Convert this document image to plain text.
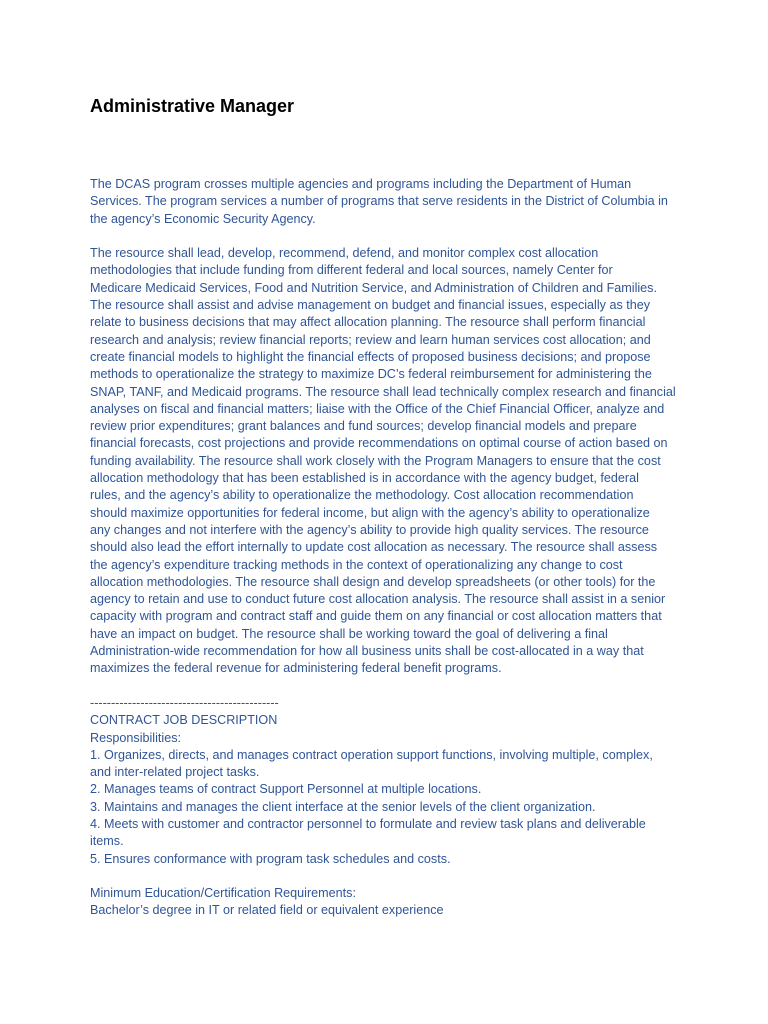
Administrative Manager
The DCAS program crosses multiple agencies and programs including the Department of Human
Services. The program services a number of programs that serve residents in the District of Columbia in
the agency’s Economic Security Agency.
The resource shall lead, develop, recommend, defend, and monitor complex cost allocation
methodologies that include funding from different federal and local sources, namely Center for
Medicare Medicaid Services, Food and Nutrition Service, and Administration of Children and Families.
The resource shall assist and advise management on budget and financial issues, especially as they
relate to business decisions that may affect allocation planning. The resource shall perform financial
research and analysis; review financial reports; review and learn human services cost allocation; and
create financial models to highlight the financial effects of proposed business decisions; and propose
methods to operationalize the strategy to maximize DC’s federal reimbursement for administering the
SNAP, TANF, and Medicaid programs. The resource shall lead technically complex research and financial
analyses on fiscal and financial matters; liaise with the Office of the Chief Financial Officer, analyze and
review prior expenditures; grant balances and fund sources; develop financial models and prepare
financial forecasts, cost projections and provide recommendations on optimal course of action based on
funding availability. The resource shall work closely with the Program Managers to ensure that the cost
allocation methodology that has been established is in accordance with the agency budget, federal
rules, and the agency’s ability to operationalize the methodology. Cost allocation recommendation
should maximize opportunities for federal income, but align with the agency’s ability to operationalize
any changes and not interfere with the agency’s ability to provide high quality services. The resource
should also lead the effort internally to update cost allocation as necessary. The resource shall assess
the agency’s expenditure tracking methods in the context of operationalizing any change to cost
allocation methodologies. The resource shall design and develop spreadsheets (or other tools) for the
agency to retain and use to conduct future cost allocation analysis. The resource shall assist in a senior
capacity with program and contract staff and guide them on any financial or cost allocation matters that
have an impact on budget. The resource shall be working toward the goal of delivering a final
Administration-wide recommendation for how all business units shall be cost-allocated in a way that
maximizes the federal revenue for administering federal benefit programs.
---------------------------------------------
CONTRACT JOB DESCRIPTION
Responsibilities:
1. Organizes, directs, and manages contract operation support functions, involving multiple, complex,
and inter-related project tasks.
2. Manages teams of contract Support Personnel at multiple locations.
3. Maintains and manages the client interface at the senior levels of the client organization.
4. Meets with customer and contractor personnel to formulate and review task plans and deliverable
items.
5. Ensures conformance with program task schedules and costs.
Minimum Education/Certification Requirements:
Bachelor’s degree in IT or related field or equivalent experience
